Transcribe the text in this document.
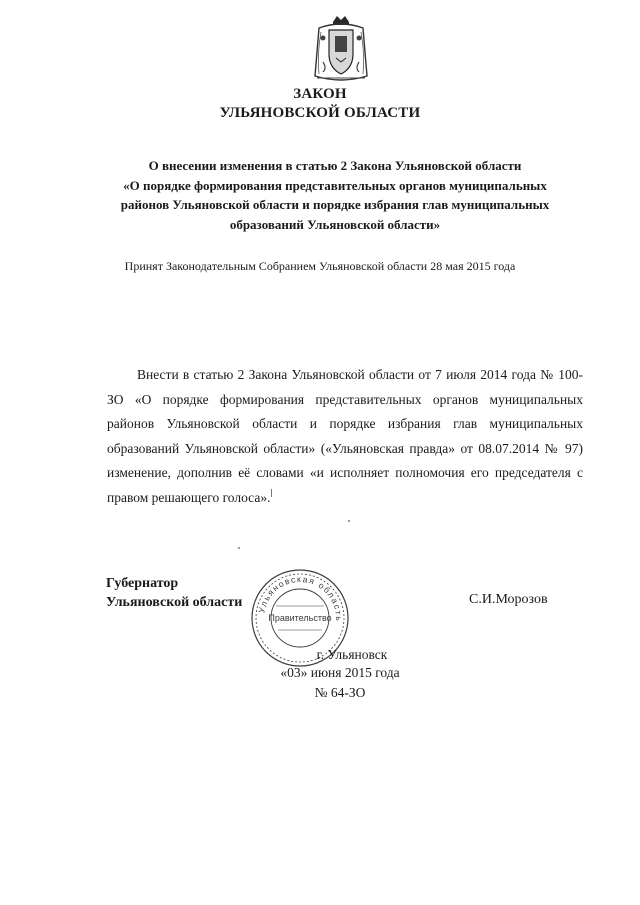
ЗАКОН
УЛЬЯНОВСКОЙ ОБЛАСТИ
О внесении изменения в статью 2 Закона Ульяновской области
«О порядке формирования представительных органов муниципальных
районов Ульяновской области и порядке избрания глав муниципальных
образований Ульяновской области»
Принят Законодательным Собранием Ульяновской области 28 мая 2015 года
Внести в статью 2 Закона Ульяновской области от 7 июля 2014 года № 100-ЗО «О порядке формирования представительных органов муниципальных районов Ульяновской области и порядке избрания глав муниципальных образований Ульяновской области» («Ульяновская правда» от 08.07.2014 № 97) изменение, дополнив её словами «и исполняет полномочия его председателя с правом решающего голоса».
Губернатор
Ульяновской области	С.И.Морозов
Ульяновская область
Правительство
г. Ульяновск
«03» июня 2015 года
№ 64-ЗО
